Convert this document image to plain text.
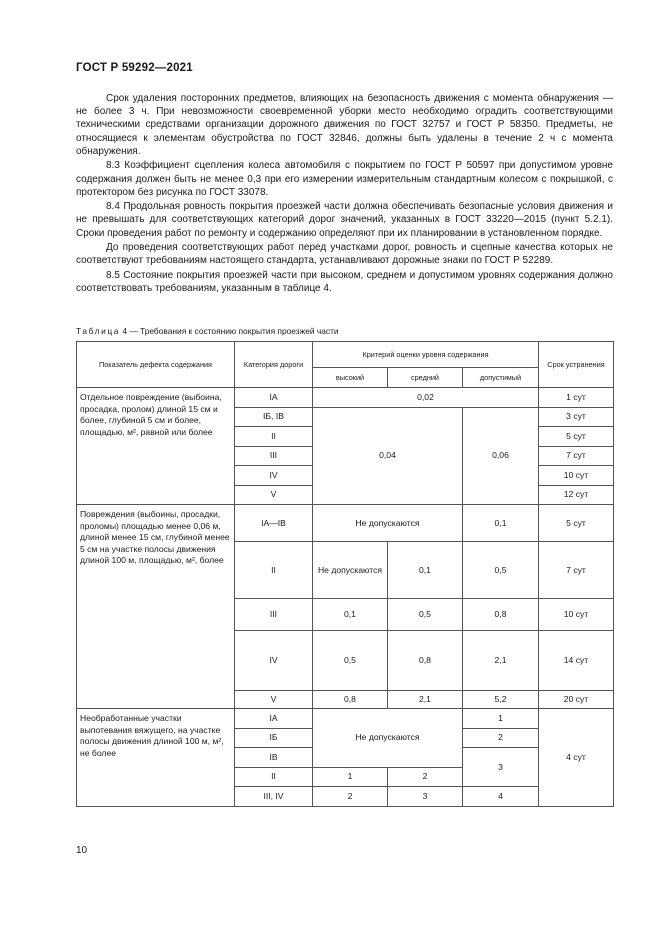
ГОСТ Р 59292—2021

Срок удаления посторонних предметов, влияющих на безопасность движения с момента обнаружения — не более 3 ч. При невозможности своевременной уборки место необходимо оградить соответствующими техническими средствами организации дорожного движения по ГОСТ 32757 и ГОСТ Р 58350. Предметы, не относящиеся к элементам обустройства по ГОСТ 32846, должны быть удалены в течение 2 ч с момента обнаружения.

8.3 Коэффициент сцепления колеса автомобиля с покрытием по ГОСТ Р 50597 при допустимом уровне содержания должен быть не менее 0,3 при его измерении измерительным стандартным колесом с покрышкой, с протектором без рисунка по ГОСТ 33078.

8.4 Продольная ровность покрытия проезжей части должна обеспечивать безопасные условия движения и не превышать для соответствующих категорий дорог значений, указанных в ГОСТ 33220—2015 (пункт 5.2.1). Сроки проведения работ по ремонту и содержанию определяют при их планировании в установленном порядке.

До проведения соответствующих работ перед участками дорог, ровность и сцепные качества которых не соответствуют требованиям настоящего стандарта, устанавливают дорожные знаки по ГОСТ Р 52289.

8.5 Состояние покрытия проезжей части при высоком, среднем и допустимом уровнях содержания должно соответствовать требованиям, указанным в таблице 4.

Таблица 4 — Требования к состоянию покрытия проезжей части
Показатель дефекта содержания	Категория дороги	Критерий оценки уровня содержания			Срок устранения
		высокий	средний	допустимый	
Отдельное повреждение (выбоина, просадка, пролом) длиной 15 см и более, глубиной 5 см и более, площадью, м², равной или более	IA	0,02			1 сут
	IБ, IB	0,04		0,06	3 сут
	II				5 сут
	III				7 сут
	IV				10 сут
	V				12 сут
Повреждения (выбоины, просадки, проломы) площадью менее 0,06 м, длиной менее 15 см, глубиной менее 5 см на участке полосы движения длиной 100 м, площадью, м², более	IA—IB	Не допускаются		0,1	5 сут
	II	Не допускаются	0,1	0,5	7 сут
	III	0,1	0,5	0,8	10 сут
	IV	0,5	0,8	2,1	14 сут
	V	0,8	2,1	5,2	20 сут
Необработанные участки выпотевания вяжущего, на участке полосы движения длиной 100 м, м², не более	IA	Не допускаются		1	4 сут
	IБ			2	
	IB			3	
	II	1	2		
	III, IV	2	3	4	
10
